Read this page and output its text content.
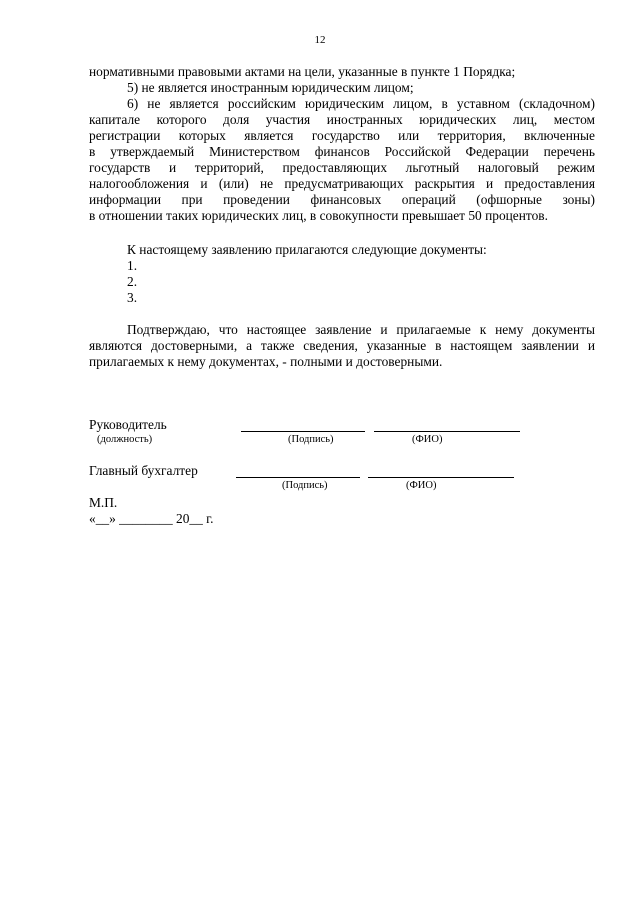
12
нормативными правовыми актами на цели, указанные в пункте 1 Порядка;
5) не является иностранным юридическим лицом;
6) не является российским юридическим лицом, в уставном (складочном)
капитале которого доля участия иностранных юридических лиц, местом
регистрации которых является государство или территория, включенные
в утверждаемый Министерством финансов Российской Федерации перечень
государств и территорий, предоставляющих льготный налоговый режим
налогообложения и (или) не предусматривающих раскрытия и предоставления
информации при проведении финансовых операций (офшорные зоны)
в отношении таких юридических лиц, в совокупности превышает 50 процентов.
К настоящему заявлению прилагаются следующие документы:
1.
2.
3.
Подтверждаю, что настоящее заявление и прилагаемые к нему документы
являются достоверными, а также сведения, указанные в настоящем заявлении и
прилагаемых к нему документах, - полными и достоверными.
Руководитель
(должность)	(Подпись)	(ФИО)
Главный бухгалтер
(Подпись)	(ФИО)
М.П.
«__» ________ 20__ г.
